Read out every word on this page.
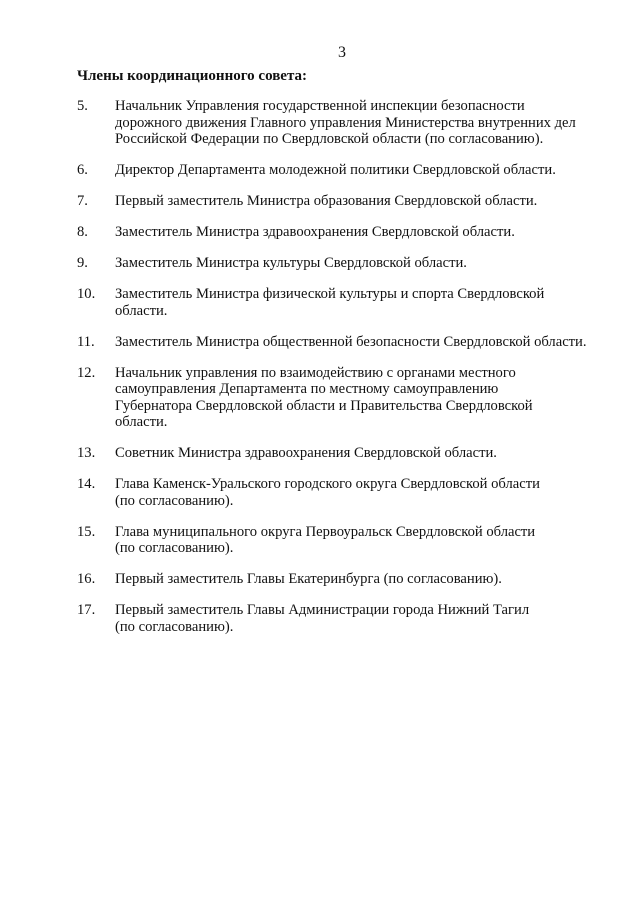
3
Члены координационного совета:
5.	Начальник Управления государственной инспекции безопасности
дорожного движения Главного управления Министерства внутренних дел
Российской Федерации по Свердловской области (по согласованию).
6.	Директор Департамента молодежной политики Свердловской области.
7.	Первый заместитель Министра образования Свердловской области.
8.	Заместитель Министра здравоохранения Свердловской области.
9.	Заместитель Министра культуры Свердловской области.
10.	Заместитель Министра физической культуры и спорта Свердловской
области.
11.	Заместитель Министра общественной безопасности Свердловской области.
12.	Начальник управления по взаимодействию с органами местного
самоуправления Департамента по местному самоуправлению
Губернатора Свердловской области и Правительства Свердловской
области.
13.	Советник Министра здравоохранения Свердловской области.
14.	Глава Каменск-Уральского городского округа Свердловской области
(по согласованию).
15.	Глава муниципального округа Первоуральск Свердловской области
(по согласованию).
16.	Первый заместитель Главы Екатеринбурга (по согласованию).
17.	Первый заместитель Главы Администрации города Нижний Тагил
(по согласованию).
